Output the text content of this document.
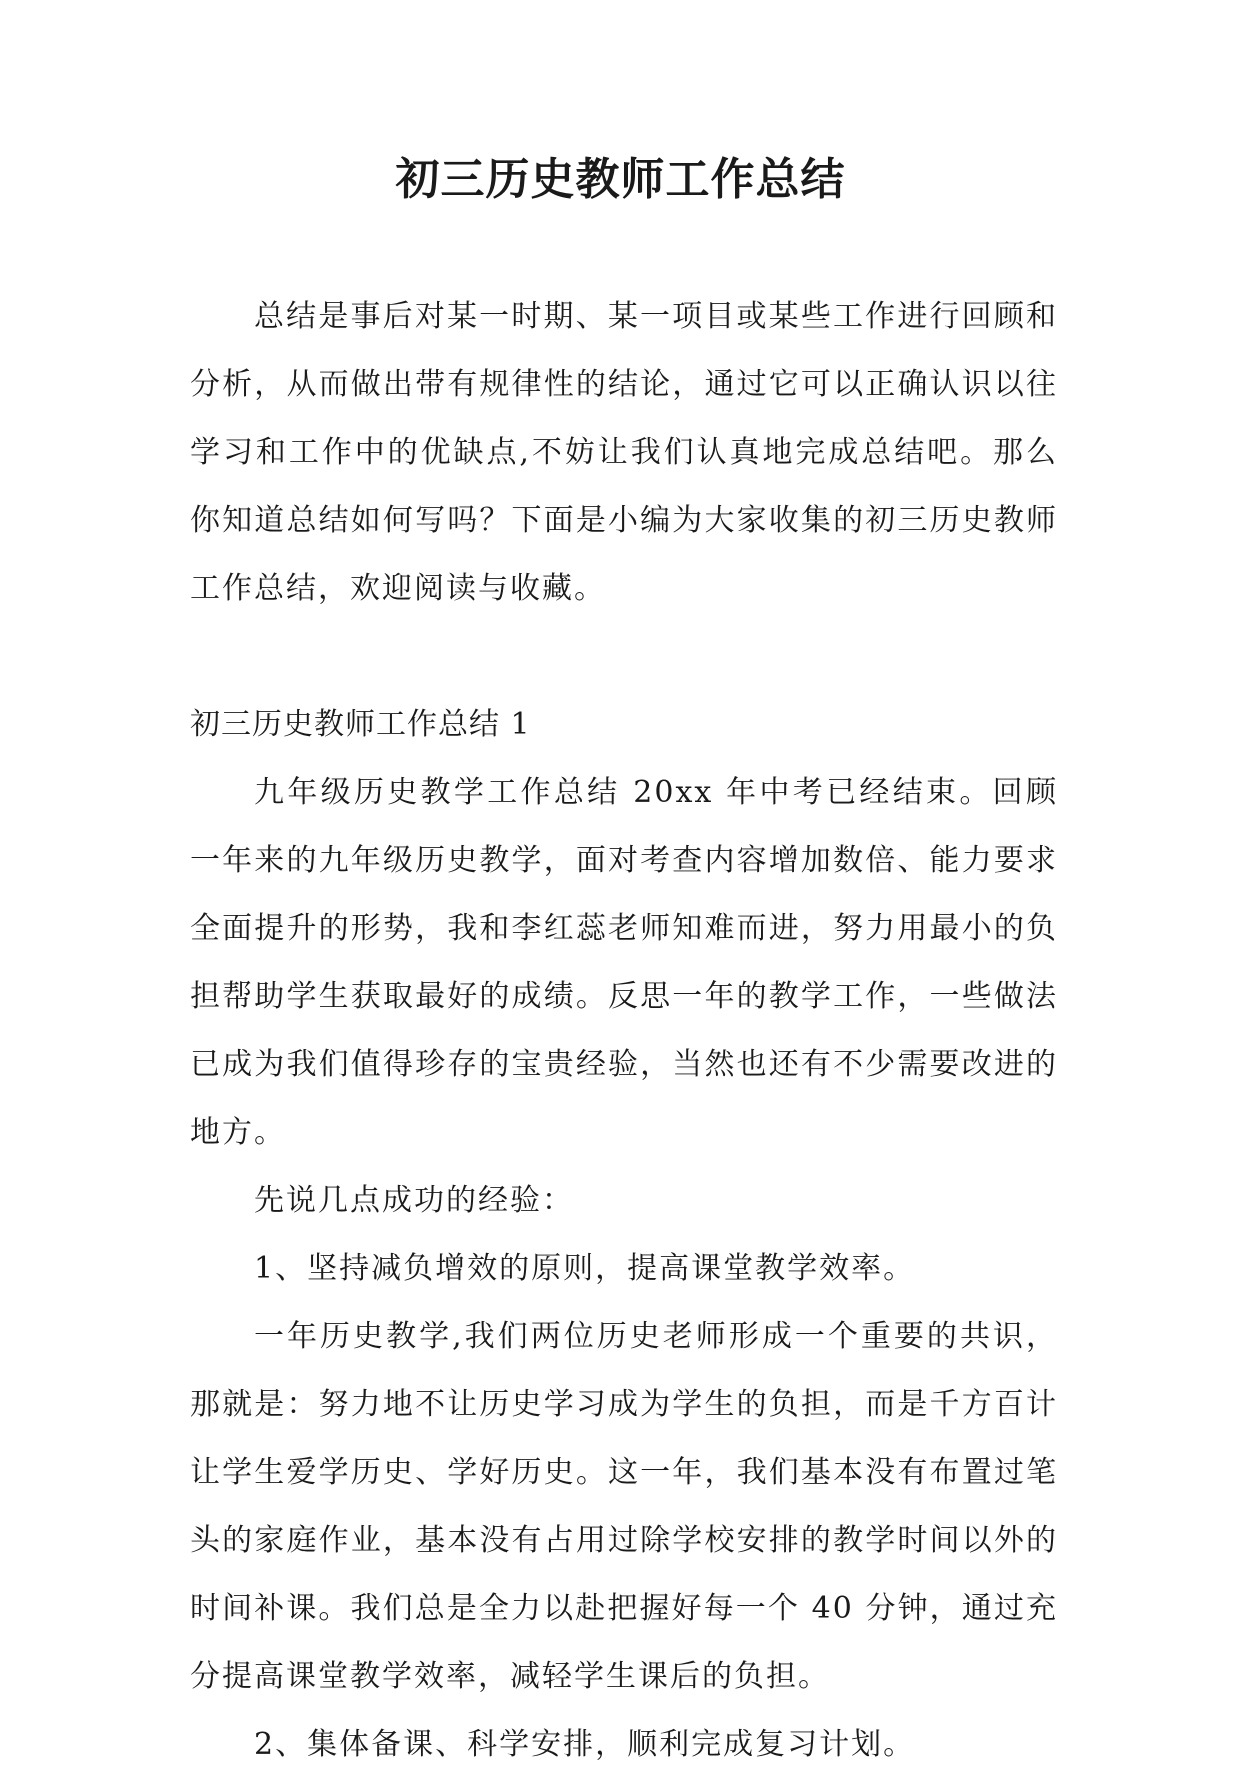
初三历史教师工作总结

总结是事后对某一时期、某一项目或某些工作进行回顾和分析，从而做出带有规律性的结论，通过它可以正确认识以往学习和工作中的优缺点,不妨让我们认真地完成总结吧。那么你知道总结如何写吗？下面是小编为大家收集的初三历史教师工作总结，欢迎阅读与收藏。

初三历史教师工作总结 1

九年级历史教学工作总结 20xx 年中考已经结束。回顾一年来的九年级历史教学，面对考查内容增加数倍、能力要求全面提升的形势，我和李红蕊老师知难而进，努力用最小的负担帮助学生获取最好的成绩。反思一年的教学工作，一些做法已成为我们值得珍存的宝贵经验，当然也还有不少需要改进的地方。

先说几点成功的经验：

1、坚持减负增效的原则，提高课堂教学效率。

一年历史教学,我们两位历史老师形成一个重要的共识，那就是：努力地不让历史学习成为学生的负担，而是千方百计让学生爱学历史、学好历史。这一年，我们基本没有布置过笔头的家庭作业，基本没有占用过除学校安排的教学时间以外的时间补课。我们总是全力以赴把握好每一个 40 分钟，通过充分提高课堂教学效率，减轻学生课后的负担。

2、集体备课、科学安排，顺利完成复习计划。
